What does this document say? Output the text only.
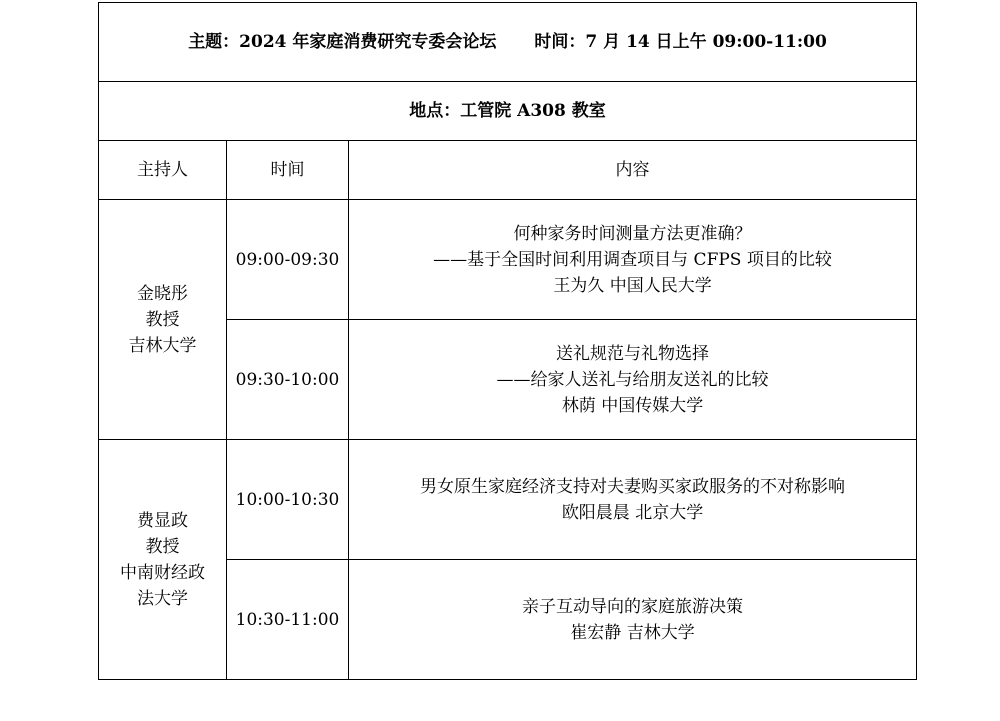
主题：2024 年家庭消费研究专委会论坛 时间：7 月 14 日上午 09:00-11:00		
地点：工管院 A308 教室		
主持人	时间	内容

金晓彤
教授
吉林大学	09:00-09:30	何种家务时间测量方法更准确？
——基于全国时间利用调查项目与 CFPS 项目的比较
王为久 中国人民大学

	09:30-10:00	送礼规范与礼物选择
——给家人送礼与给朋友送礼的比较
林荫 中国传媒大学

费显政
教授
中南财经政
法大学	10:00-10:30	男女原生家庭经济支持对夫妻购买家政服务的不对称影响
欧阳晨晨 北京大学

	10:30-11:00	亲子互动导向的家庭旅游决策
崔宏静 吉林大学
